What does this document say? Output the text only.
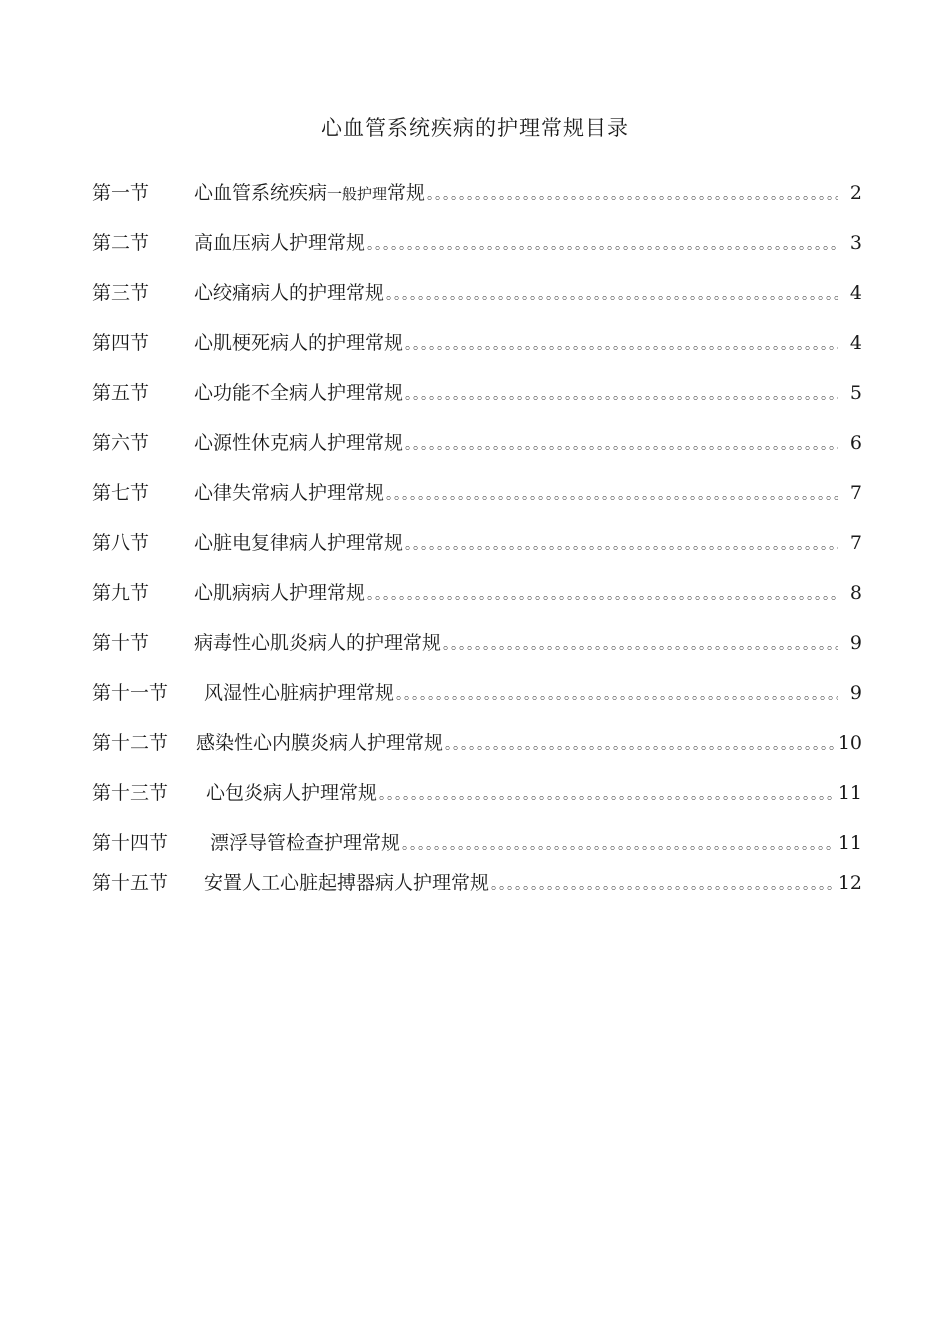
心血管系统疾病的护理常规目录
第一节	心血管系统疾病一般护理常规 。。。。。。。。。。。。。。。。。。。。。。。。。。。。。。。。。。。。。。。。。。。。。。。。。。。。。。。。。。。。。。。。。。。。。。。。。	2
第二节	高血压病人护理常规 。。。。。。。。。。。。。。。。。。。。。。。。。。。。。。。。。。。。。。。。。。。。。。。。。。。。。。。。。。。。。。。。。。。。。。。。。	3
第三节	心绞痛病人的护理常规 。。。。。。。。。。。。。。。。。。。。。。。。。。。。。。。。。。。。。。。。。。。。。。。。。。。。。。。。。。。。。。。。。。。。。。。。。	4
第四节	心肌梗死病人的护理常规 。。。。。。。。。。。。。。。。。。。。。。。。。。。。。。。。。。。。。。。。。。。。。。。。。。。。。。。。。。。。。。。。。。。。。。。。。	4
第五节	心功能不全病人护理常规 。。。。。。。。。。。。。。。。。。。。。。。。。。。。。。。。。。。。。。。。。。。。。。。。。。。。。。。。。。。。。。。。。。。。。。。。。	5
第六节	心源性休克病人护理常规 。。。。。。。。。。。。。。。。。。。。。。。。。。。。。。。。。。。。。。。。。。。。。。。。。。。。。。。。。。。。。。。。。。。。。。。。。	6
第七节	心律失常病人护理常规 。。。。。。。。。。。。。。。。。。。。。。。。。。。。。。。。。。。。。。。。。。。。。。。。。。。。。。。。。。。。。。。。。。。。。。。。。	7
第八节	心脏电复律病人护理常规 。。。。。。。。。。。。。。。。。。。。。。。。。。。。。。。。。。。。。。。。。。。。。。。。。。。。。。。。。。。。。。。。。。。。。。。。。	7
第九节	心肌病病人护理常规 。。。。。。。。。。。。。。。。。。。。。。。。。。。。。。。。。。。。。。。。。。。。。。。。。。。。。。。。。。。。。。。。。。。。。。。。。	8
第十节	病毒性心肌炎病人的护理常规 。。。。。。。。。。。。。。。。。。。。。。。。。。。。。。。。。。。。。。。。。。。。。。。。。。。。。。。。。。。。。。。。。。。。。。。。。	9
第十一节	风湿性心脏病护理常规 。。。。。。。。。。。。。。。。。。。。。。。。。。。。。。。。。。。。。。。。。。。。。。。。。。。。。。。。。。。。。。。。。。。。。。。。。	9
第十二节	感染性心内膜炎病人护理常规 。。。。。。。。。。。。。。。。。。。。。。。。。。。。。。。。。。。。。。。。。。。。。。。。。。。。。。。。。。。。。。。。。。。。。。。。。	10
第十三节	心包炎病人护理常规 。。。。。。。。。。。。。。。。。。。。。。。。。。。。。。。。。。。。。。。。。。。。。。。。。。。。。。。。。。。。。。。。。。。。。。。。。	11
第十四节	漂浮导管检查护理常规 。。。。。。。。。。。。。。。。。。。。。。。。。。。。。。。。。。。。。。。。。。。。。。。。。。。。。。。。。。。。。。。。。。。。。。。。。	11
第十五节	安置人工心脏起搏器病人护理常规 。。。。。。。。。。。。。。。。。。。。。。。。。。。。。。。。。。。。。。。。。。。。。。。。。。。。。。。。。。。。。。。。。。。。。。。。。	12
